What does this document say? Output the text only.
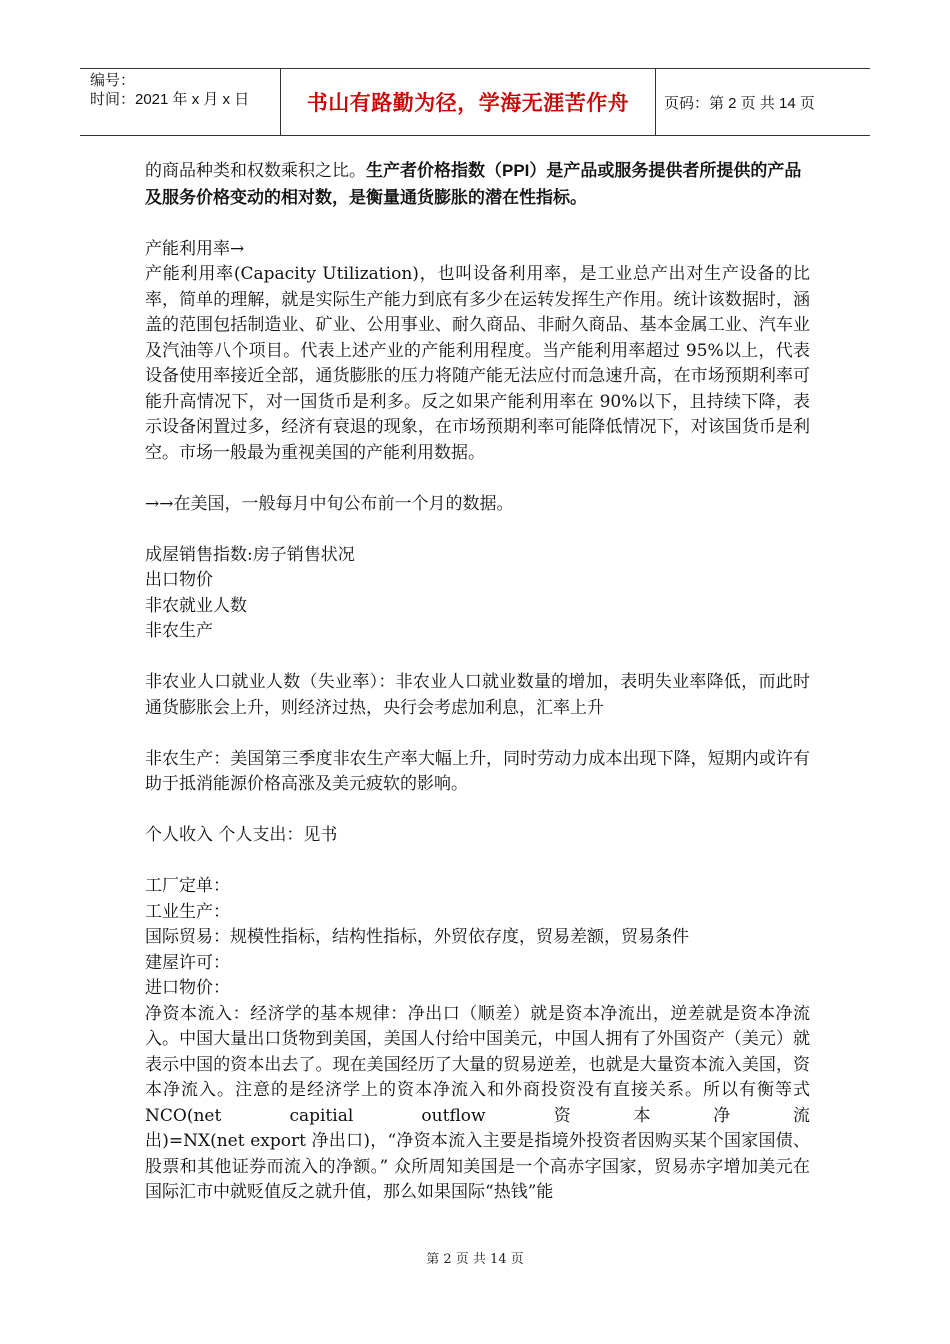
编号：
时间：2021 年 x 月 x 日	书山有路勤为径，学海无涯苦作舟	页码：第 2 页 共 14 页

的商品种类和权数乘积之比。生产者价格指数（PPI）是产品或服务提供者所提供的产品及服务价格变动的相对数，是衡量通货膨胀的潜在性指标。

产能利用率→

产能利用率(Capacity Utilization)，也叫设备利用率，是工业总产出对生产设备的比率，简单的理解，就是实际生产能力到底有多少在运转发挥生产作用。统计该数据时，涵盖的范围包括制造业、矿业、公用事业、耐久商品、非耐久商品、基本金属工业、汽车业及汽油等八个项目。代表上述产业的产能利用程度。当产能利用率超过 95%以上，代表设备使用率接近全部，通货膨胀的压力将随产能无法应付而急速升高，在市场预期利率可能升高情况下，对一国货币是利多。反之如果产能利用率在 90%以下，且持续下降，表示设备闲置过多，经济有衰退的现象，在市场预期利率可能降低情况下，对该国货币是利空。市场一般最为重视美国的产能利用数据。

→→在美国，一般每月中旬公布前一个月的数据。

成屋销售指数:房子销售状况

出口物价

非农就业人数

非农生产

非农业人口就业人数（失业率）：非农业人口就业数量的增加，表明失业率降低，而此时通货膨胀会上升，则经济过热，央行会考虑加利息，汇率上升

非农生产：美国第三季度非农生产率大幅上升，同时劳动力成本出现下降，短期内或许有助于抵消能源价格高涨及美元疲软的影响。

个人收入 个人支出：见书

工厂定单：

工业生产：

国际贸易：规模性指标，结构性指标，外贸依存度，贸易差额，贸易条件

建屋许可：

进口物价：

净资本流入：经济学的基本规律：净出口（顺差）就是资本净流出，逆差就是资本净流入。中国大量出口货物到美国，美国人付给中国美元，中国人拥有了外国资产（美元）就表示中国的资本出去了。现在美国经历了大量的贸易逆差，也就是大量资本流入美国，资本净流入。注意的是经济学上的资本净流入和外商投资没有直接关系。所以有衡等式 NCO(net capitial outflow 资本净流

出)=NX(net export 净出口)，“净资本流入主要是指境外投资者因购买某个国家国债、股票和其他证券而流入的净额。” 众所周知美国是一个高赤字国家，贸易赤字增加美元在国际汇市中就贬值反之就升值，那么如果国际“热钱”能

第 2 页 共 14 页
